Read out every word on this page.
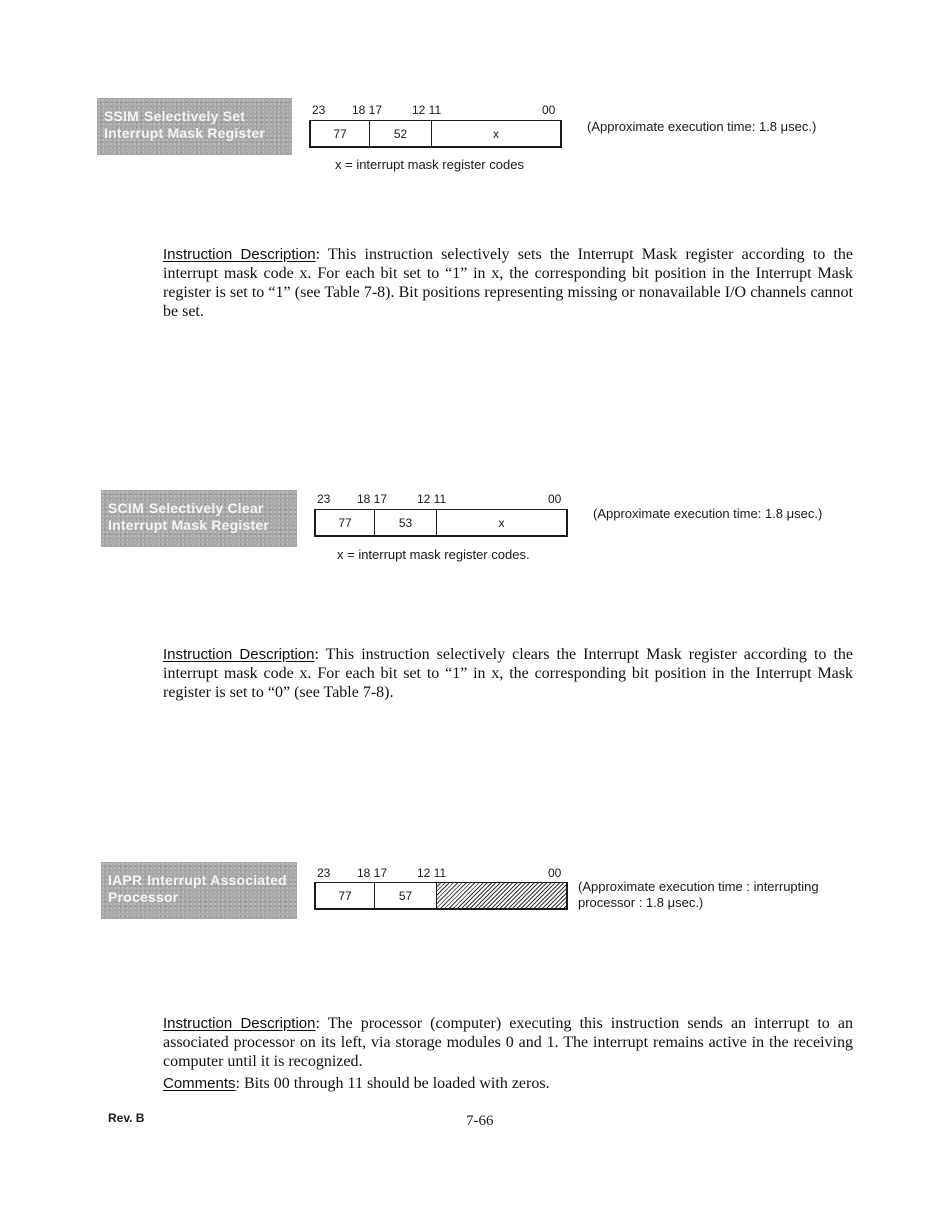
SSIM Selectively Set
Interrupt Mask Register
23 18 17 12 11	00
77	52	x
x = interrupt mask register codes
(Approximate execution time: 1.8 μsec.)
Instruction Description: This instruction selectively sets the Interrupt Mask register according to the interrupt mask code x. For each bit set to “1” in x, the corresponding bit position in the Interrupt Mask register is set to “1” (see Table 7-8). Bit positions representing missing or nonavailable I/O channels cannot be set.
SCIM Selectively Clear
Interrupt Mask Register
23 18 17 12 11	00
77	53	x
x = interrupt mask register codes.
(Approximate execution time: 1.8 μsec.)
Instruction Description: This instruction selectively clears the Interrupt Mask register according to the interrupt mask code x. For each bit set to “1” in x, the corresponding bit position in the Interrupt Mask register is set to “0” (see Table 7-8).
IAPR Interrupt Associated
Processor
23 18 17 12 11	00
77	57
(Approximate execution time : interrupting
processor : 1.8 μsec.)
Instruction Description: The processor (computer) executing this instruction sends an interrupt to an associated processor on its left, via storage modules 0 and 1. The interrupt remains active in the receiving computer until it is recognized.
Comments: Bits 00 through 11 should be loaded with zeros.
Rev. B	7-66
